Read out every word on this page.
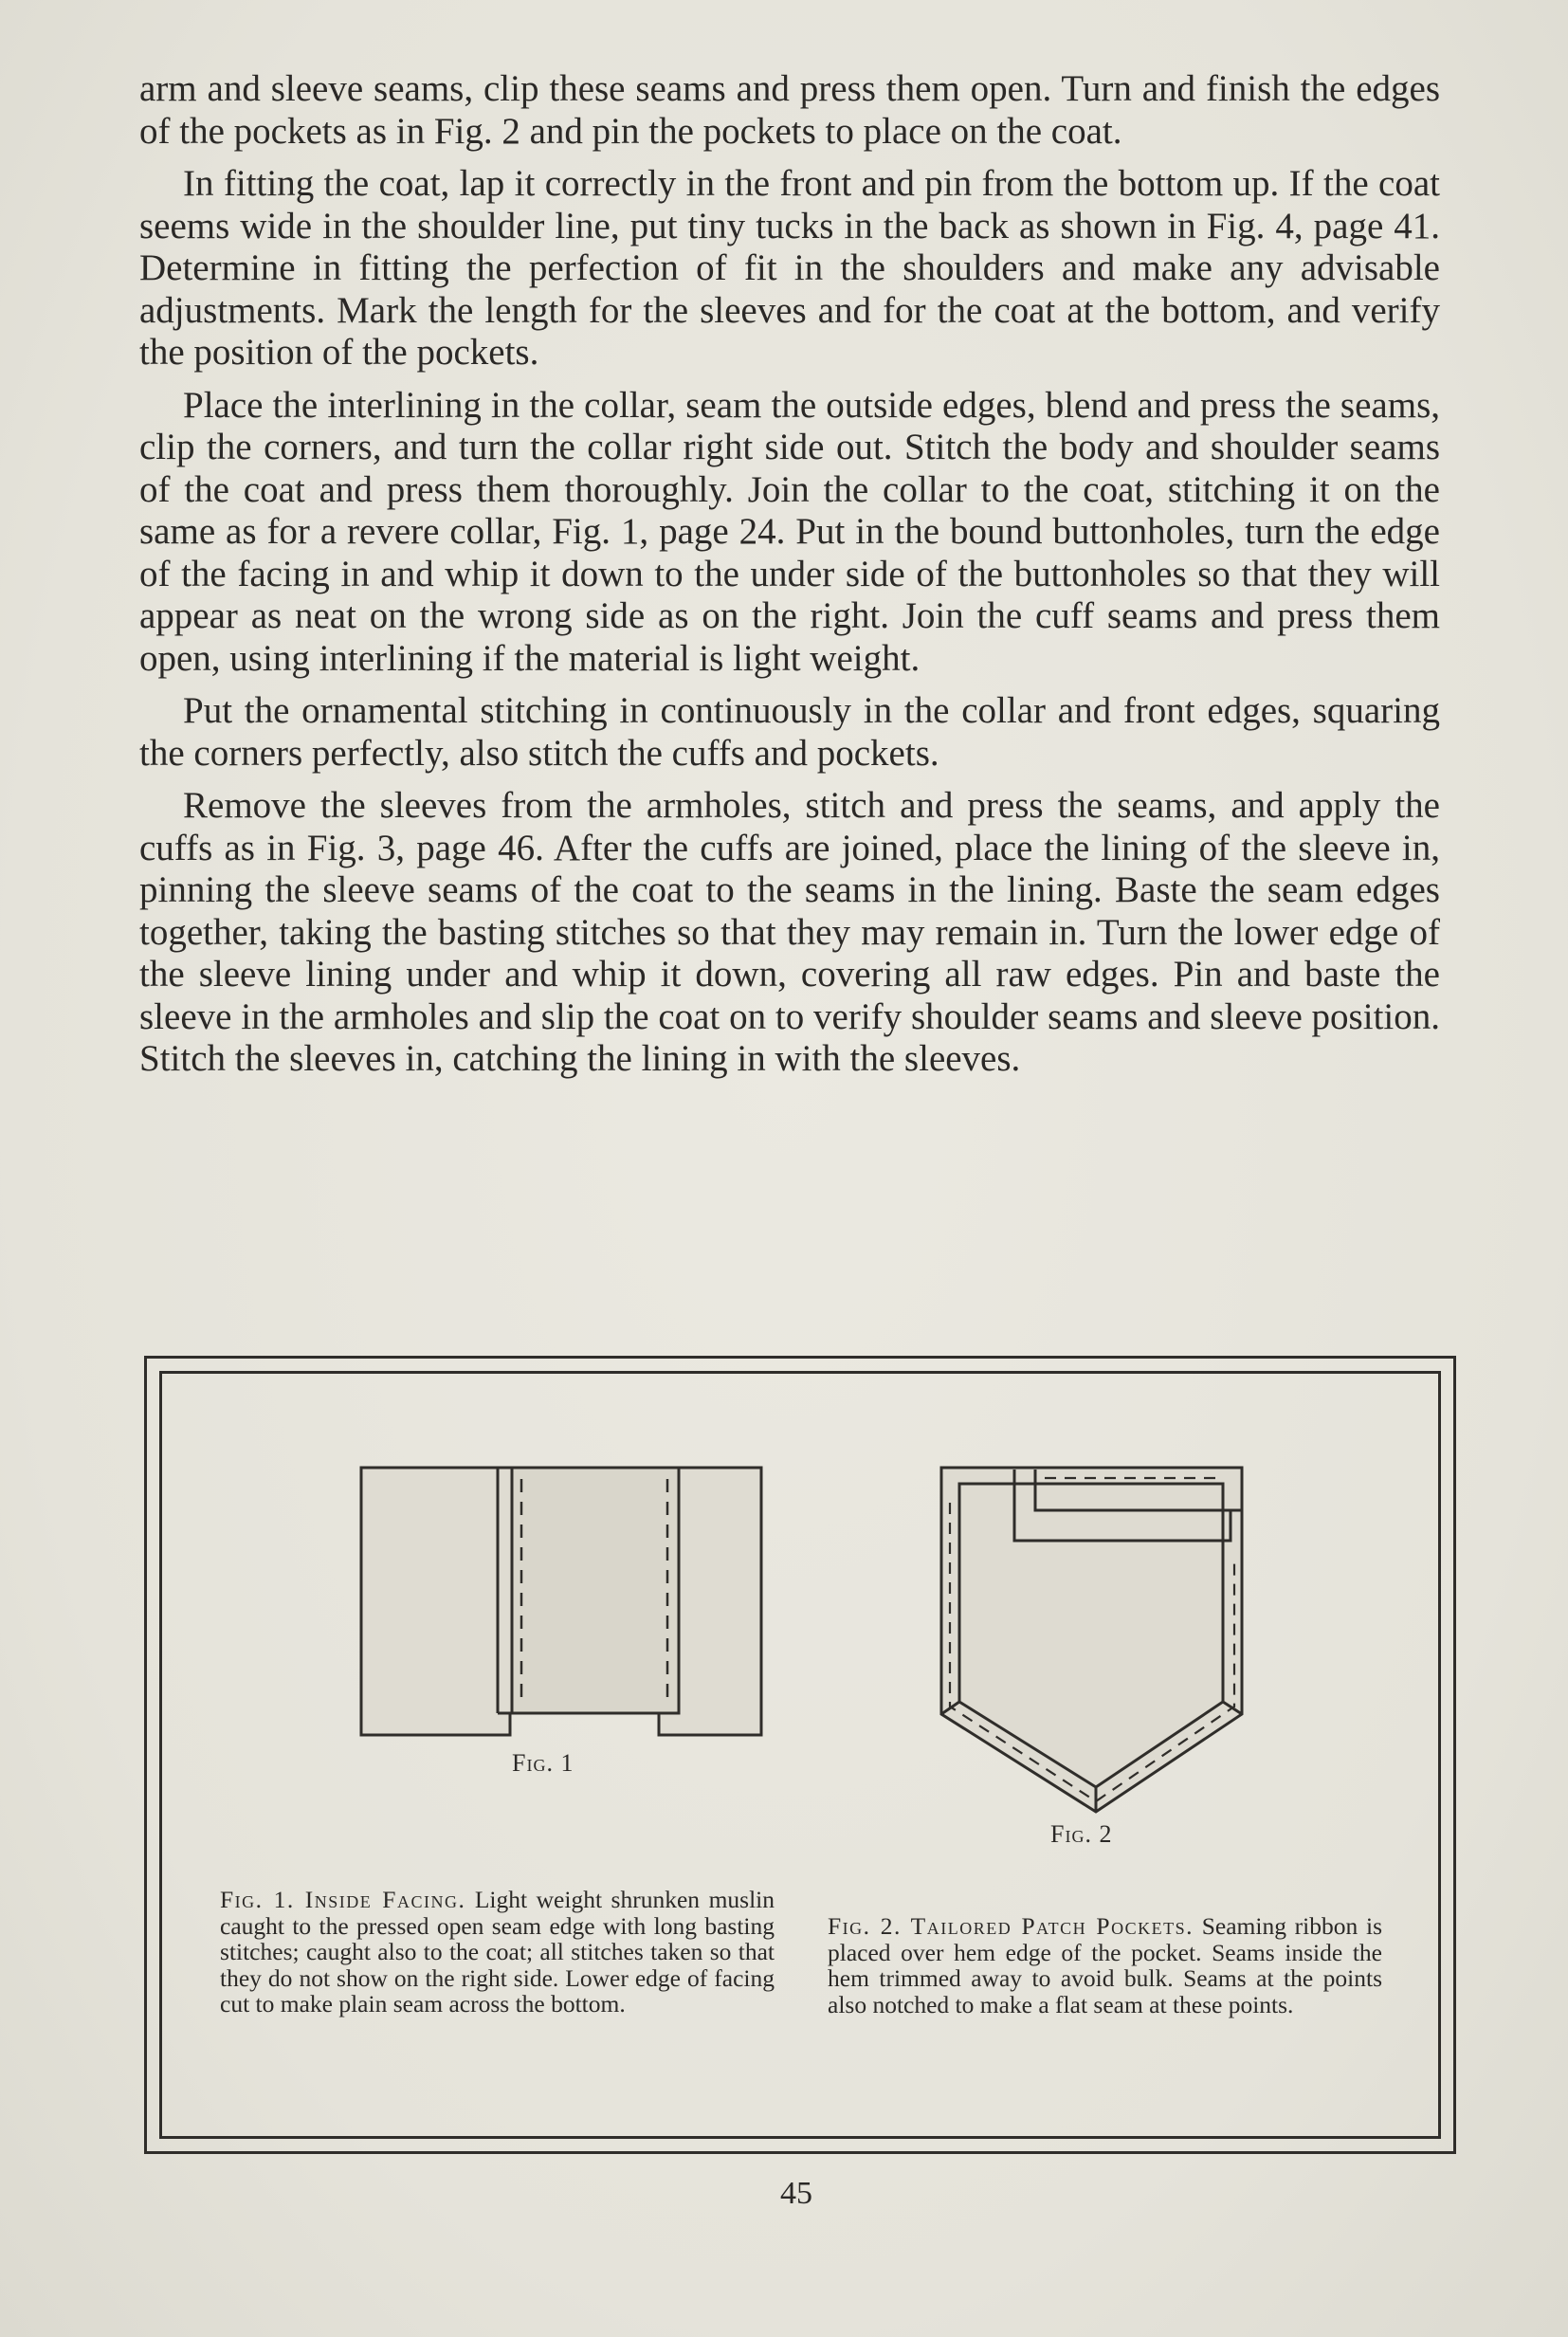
arm and sleeve seams, clip these seams and press them open. Turn and finish the edges of the pockets as in Fig. 2 and pin the pockets to place on the coat.

In fitting the coat, lap it correctly in the front and pin from the bottom up. If the coat seems wide in the shoulder line, put tiny tucks in the back as shown in Fig. 4, page 41. Determine in fitting the perfection of fit in the shoulders and make any advisable adjustments. Mark the length for the sleeves and for the coat at the bottom, and verify the position of the pockets.

Place the interlining in the collar, seam the outside edges, blend and press the seams, clip the corners, and turn the collar right side out. Stitch the body and shoulder seams of the coat and press them thoroughly. Join the collar to the coat, stitching it on the same as for a revere collar, Fig. 1, page 24. Put in the bound buttonholes, turn the edge of the facing in and whip it down to the under side of the buttonholes so that they will appear as neat on the wrong side as on the right. Join the cuff seams and press them open, using interlining if the material is light weight.

Put the ornamental stitching in continuously in the collar and front edges, squaring the corners perfectly, also stitch the cuffs and pockets.

Remove the sleeves from the armholes, stitch and press the seams, and apply the cuffs as in Fig. 3, page 46. After the cuffs are joined, place the lining of the sleeve in, pinning the sleeve seams of the coat to the seams in the lining. Baste the seam edges together, taking the basting stitches so that they may remain in. Turn the lower edge of the sleeve lining under and whip it down, covering all raw edges. Pin and baste the sleeve in the armholes and slip the coat on to verify shoulder seams and sleeve position. Stitch the sleeves in, catching the lining in with the sleeves.

Fig. 1
Fig. 2
Fig. 1. Inside Facing. Light weight shrunken muslin caught to the pressed open seam edge with long basting stitches; caught also to the coat; all stitches taken so that they do not show on the right side. Lower edge of facing cut to make plain seam across the bottom.
Fig. 2. Tailored Patch Pockets. Seaming ribbon is placed over hem edge of the pocket. Seams inside the hem trimmed away to avoid bulk. Seams at the points also notched to make a flat seam at these points.
45
